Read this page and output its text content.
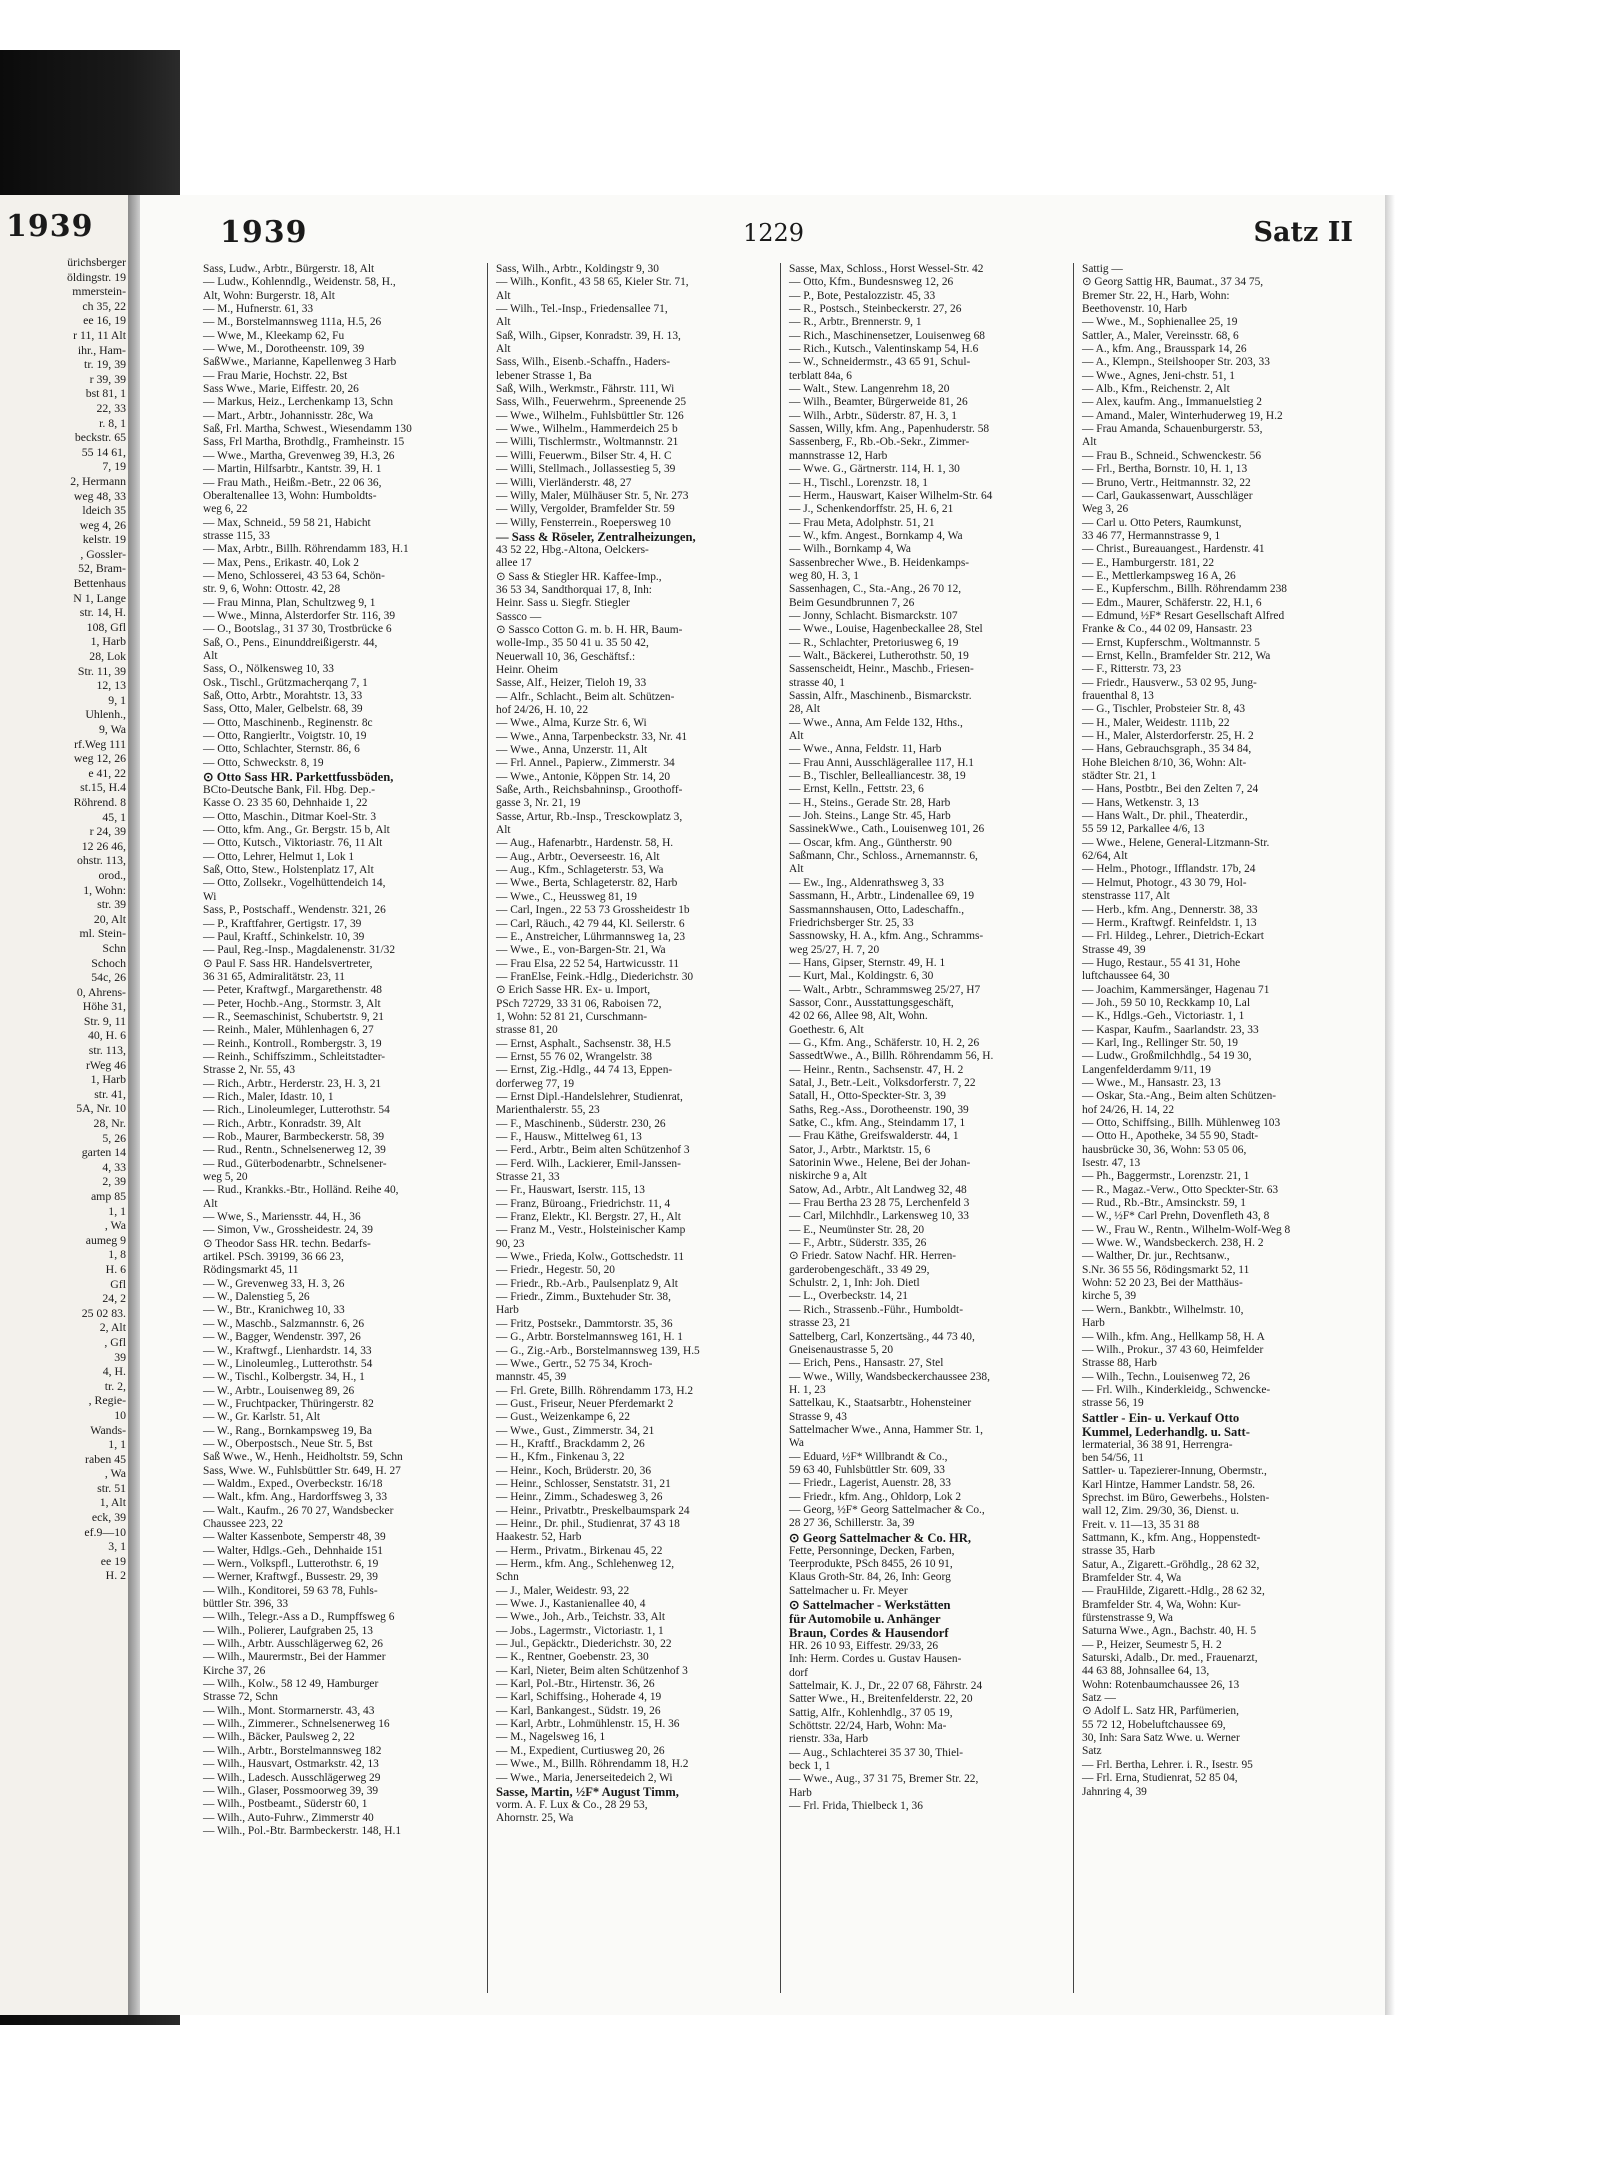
1939
ürichsberger
öldingstr. 19
mmerstein-
ch 35, 22
ee 16, 19
r 11, 11 Alt
ihr., Ham-
tr. 19, 39
r 39, 39
bst 81, 1
22, 33
r. 8, 1
beckstr. 65
55 14 61,
7, 19
2, Hermann
weg 48, 33
ldeich 35
weg 4, 26
kelstr. 19
, Gossler-
52, Bram-
Bettenhaus
N 1, Lange
str. 14, H.
108, Gfl
1, Harb
28, Lok
Str. 11, 39
12, 13
9, 1
Uhlenh.,
9, Wa
rf.Weg 111
weg 12, 26
e 41, 22
st.15, H.4
Röhrend. 8
45, 1
r 24, 39
12 26 46,
ohstr. 113,
orod.,
1, Wohn:
str. 39
20, Alt
ml. Stein-
Schn
Schoch
54c, 26
0, Ahrens-
Höhe 31,
Str. 9, 11
40, H. 6
str. 113,
rWeg 46
1, Harb
str. 41,
5A, Nr. 10
28, Nr.
5, 26
garten 14
4, 33
2, 39
amp 85
1, 1
, Wa
aumeg 9
1, 8
H. 6
Gfl
24, 2
25 02 83.
2, Alt
, Gfl
39
4, H.
tr. 2,
, Regie-
10
Wands-
1, 1
raben 45
, Wa
str. 51
1, Alt
eck, 39
ef.9—10
3, 1
ee 19
H. 2
1939	1229	Satz II
Sass, Ludw., Arbtr., Bürgerstr. 18, Alt
— Ludw., Kohlenndlg., Weidenstr. 58, H.,
Alt, Wohn: Burgerstr. 18, Alt
— M., Hufnerstr. 61, 33
— M., Borstelmannsweg 111a, H.5, 26
— Wwe, M., Kleekamp 62, Fu
— Wwe, M., Dorotheenstr. 109, 39
SaßWwe., Marianne, Kapellenweg 3 Harb
— Frau Marie, Hochstr. 22, Bst
Sass Wwe., Marie, Eiffestr. 20, 26
— Markus, Heiz., Lerchenkamp 13, Schn
— Mart., Arbtr., Johannisstr. 28c, Wa
Saß, Frl. Martha, Schwest., Wiesendamm 130
Sass, Frl Martha, Brothdlg., Framheinstr. 15
— Wwe., Martha, Grevenweg 39, H.3, 26
— Martin, Hilfsarbtr., Kantstr. 39, H. 1
— Frau Math., Heißm.-Betr., 22 06 36,
Oberaltenallee 13, Wohn: Humboldts-
weg 6, 22
— Max, Schneid., 59 58 21, Habicht
strasse 115, 33
— Max, Arbtr., Billh. Röhrendamm 183, H.1
— Max, Pens., Erikastr. 40, Lok 2
— Meno, Schlosserei, 43 53 64, Schön-
str. 9, 6, Wohn: Ottostr. 42, 28
— Frau Minna, Plan, Schultzweg 9, 1
— Wwe., Minna, Alsterdorfer Str. 116, 39
— O., Bootslag., 31 37 30, Trostbrücke 6
Saß, O., Pens., Einunddreißigerstr. 44,
Alt
Sass, O., Nölkensweg 10, 33
Osk., Tischl., Grützmacherqang 7, 1
Saß, Otto, Arbtr., Morahtstr. 13, 33
Sass, Otto, Maler, Gelbelstr. 68, 39
— Otto, Maschinenb., Reginenstr. 8c
— Otto, Rangierltr., Voigtstr. 10, 19
— Otto, Schlachter, Sternstr. 86, 6
— Otto, Schweckstr. 8, 19
⊙ Otto Sass HR. Parkettfussböden,
BCto-Deutsche Bank, Fil. Hbg. Dep.-
Kasse O. 23 35 60, Dehnhaide 1, 22
— Otto, Maschin., Ditmar Koel-Str. 3
— Otto, kfm. Ang., Gr. Bergstr. 15 b, Alt
— Otto, Kutsch., Viktoriastr. 76, 11 Alt
— Otto, Lehrer, Helmut 1, Lok 1
Saß, Otto, Stew., Holstenplatz 17, Alt
— Otto, Zollsekr., Vogelhüttendeich 14,
Wi
Sass, P., Postschaff., Wendenstr. 321, 26
— P., Kraftfahrer, Gertigstr. 17, 39
— Paul, Kraftf., Schinkelstr. 10, 39
— Paul, Reg.-Insp., Magdalenenstr. 31/32
⊙ Paul F. Sass HR. Handelsvertreter,
36 31 65, Admiralitätstr. 23, 11
— Peter, Kraftwgf., Margarethenstr. 48
— Peter, Hochb.-Ang., Stormstr. 3, Alt
— R., Seemaschinist, Schubertstr. 9, 21
— Reinh., Maler, Mühlenhagen 6, 27
— Reinh., Kontroll., Rombergstr. 3, 19
— Reinh., Schiffszimm., Schleitstadter-
Strasse 2, Nr. 55, 43
— Rich., Arbtr., Herderstr. 23, H. 3, 21
— Rich., Maler, Idastr. 10, 1
— Rich., Linoleumleger, Lutterothstr. 54
— Rich., Arbtr., Konradstr. 39, Alt
— Rob., Maurer, Barmbeckerstr. 58, 39
— Rud., Rentn., Schnelsenerweg 12, 39
— Rud., Güterbodenarbtr., Schnelsener-
weg 5, 20
— Rud., Krankks.-Btr., Holländ. Reihe 40,
Alt
— Wwe, S., Mariensstr. 44, H., 36
— Simon, Vw., Grossheidestr. 24, 39
⊙ Theodor Sass HR. techn. Bedarfs-
artikel. PSch. 39199, 36 66 23,
Rödingsmarkt 45, 11
— W., Grevenweg 33, H. 3, 26
— W., Dalenstieg 5, 26
— W., Btr., Kranichweg 10, 33
— W., Maschb., Salzmannstr. 6, 26
— W., Bagger, Wendenstr. 397, 26
— W., Kraftwgf., Lienhardstr. 14, 33
— W., Linoleumleg., Lutterothstr. 54
— W., Tischl., Kolbergstr. 34, H., 1
— W., Arbtr., Louisenweg 89, 26
— W., Fruchtpacker, Thüringerstr. 82
— W., Gr. Karlstr. 51, Alt
— W., Rang., Bornkampsweg 19, Ba
— W., Oberpostsch., Neue Str. 5, Bst
Saß Wwe., W., Henh., Heidholtstr. 59, Schn
Sass, Wwe. W., Fuhlsbüttler Str. 649, H. 27
— Waldm., Exped., Overbeckstr. 16/18
— Walt., kfm. Ang., Hardorffsweg 3, 33
— Walt., Kaufm., 26 70 27, Wandsbecker
Chaussee 223, 22
— Walter Kassenbote, Semperstr 48, 39
— Walter, Hdlgs.-Geh., Dehnhaide 151
— Wern., Volkspfl., Lutterothstr. 6, 19
— Werner, Kraftwgf., Bussestr. 29, 39
— Wilh., Konditorei, 59 63 78, Fuhls-
büttler Str. 396, 33
— Wilh., Telegr.-Ass a D., Rumpffsweg 6
— Wilh., Polierer, Laufgraben 25, 13
— Wilh., Arbtr. Ausschlägerweg 62, 26
— Wilh., Maurermstr., Bei der Hammer
Kirche 37, 26
— Wilh., Kolw., 58 12 49, Hamburger
Strasse 72, Schn
— Wilh., Mont. Stormarnerstr. 43, 43
— Wilh., Zimmerer., Schnelsenerweg 16
— Wilh., Bäcker, Paulsweg 2, 22
— Wilh., Arbtr., Borstelmannsweg 182
— Wilh., Hausvart, Ostmarkstr. 42, 13
— Wilh., Ladesch. Ausschlägerweg 29
— Wilh., Glaser, Possmoorweg 39, 39
— Wilh., Postbeamt., Süderstr 60, 1
— Wilh., Auto-Fuhrw., Zimmerstr 40
— Wilh., Pol.-Btr. Barmbeckerstr. 148, H.1
Sass, Wilh., Arbtr., Koldingstr 9, 30
— Wilh., Konfit., 43 58 65, Kieler Str. 71,
Alt
— Wilh., Tel.-Insp., Friedensallee 71,
Alt
Saß, Wilh., Gipser, Konradstr. 39, H. 13,
Alt
Sass, Wilh., Eisenb.-Schaffn., Haders-
lebener Strasse 1, Ba
Saß, Wilh., Werkmstr., Fährstr. 111, Wi
Sass, Wilh., Feuerwehrm., Spreenende 25
— Wwe., Wilhelm., Fuhlsbüttler Str. 126
— Wwe., Wilhelm., Hammerdeich 25 b
— Willi, Tischlermstr., Woltmannstr. 21
— Willi, Feuerwm., Bilser Str. 4, H. C
— Willi, Stellmach., Jollassestieg 5, 39
— Willi, Vierländerstr. 48, 27
— Willy, Maler, Mülhäuser Str. 5, Nr. 273
— Willy, Vergolder, Bramfelder Str. 59
— Willy, Fensterrein., Roepersweg 10
— Sass & Röseler, Zentralheizungen,
43 52 22, Hbg.-Altona, Oelckers-
allee 17
⊙ Sass & Stiegler HR. Kaffee-Imp.,
36 53 34, Sandthorquai 17, 8, Inh:
Heinr. Sass u. Siegfr. Stiegler
Sassco —
⊙ Sassco Cotton G. m. b. H. HR, Baum-
wolle-Imp., 35 50 41 u. 35 50 42,
Neuerwall 10, 36, Geschäftsf.:
Heinr. Oheim
Sasse, Alf., Heizer, Tieloh 19, 33
— Alfr., Schlacht., Beim alt. Schützen-
hof 24/26, H. 10, 22
— Wwe., Alma, Kurze Str. 6, Wi
— Wwe., Anna, Tarpenbeckstr. 33, Nr. 41
— Wwe., Anna, Unzerstr. 11, Alt
— Frl. Annel., Papierw., Zimmerstr. 34
— Wwe., Antonie, Köppen Str. 14, 20
Saße, Arth., Reichsbahninsp., Groothoff-
gasse 3, Nr. 21, 19
Sasse, Artur, Rb.-Insp., Tresckowplatz 3,
Alt
— Aug., Hafenarbtr., Hardenstr. 58, H.
— Aug., Arbtr., Oeverseestr. 16, Alt
— Aug., Kfm., Schlageterstr. 53, Wa
— Wwe., Berta, Schlageterstr. 82, Harb
— Wwe., C., Heussweg 81, 19
— Carl, Ingen., 22 53 73 Grossheidestr 1b
— Carl, Räuch., 42 79 44, Kl. Seilerstr. 6
— E., Anstreicher, Lührmannsweg 1a, 23
— Wwe., E., von-Bargen-Str. 21, Wa
— Frau Elsa, 22 52 54, Hartwicusstr. 11
— FranElse, Feink.-Hdlg., Diederichstr. 30
⊙ Erich Sasse HR. Ex- u. Import,
PSch 72729, 33 31 06, Raboisen 72,
1, Wohn: 52 81 21, Curschmann-
strasse 81, 20
— Ernst, Asphalt., Sachsenstr. 38, H.5
— Ernst, 55 76 02, Wrangelstr. 38
— Ernst, Zig.-Hdlg., 44 74 13, Eppen-
dorferweg 77, 19
— Ernst Dipl.-Handelslehrer, Studienrat,
Marienthalerstr. 55, 23
— F., Maschinenb., Süderstr. 230, 26
— F., Hausw., Mittelweg 61, 13
— Ferd., Arbtr., Beim alten Schützenhof 3
— Ferd. Wilh., Lackierer, Emil-Janssen-
Strasse 21, 33
— Fr., Hauswart, Iserstr. 115, 13
— Franz, Büroang., Friedrichstr. 11, 4
— Franz, Elektr., Kl. Bergstr. 27, H., Alt
— Franz M., Vestr., Holsteinischer Kamp
90, 23
— Wwe., Frieda, Kolw., Gottschedstr. 11
— Friedr., Hegestr. 50, 20
— Friedr., Rb.-Arb., Paulsenplatz 9, Alt
— Friedr., Zimm., Buxtehuder Str. 38,
Harb
— Fritz, Postsekr., Dammtorstr. 35, 36
— G., Arbtr. Borstelmannsweg 161, H. 1
— G., Zig.-Arb., Borstelmannsweg 139, H.5
— Wwe., Gertr., 52 75 34, Kroch-
mannstr. 45, 39
— Frl. Grete, Billh. Röhrendamm 173, H.2
— Gust., Friseur, Neuer Pferdemarkt 2
— Gust., Weizenkampe 6, 22
— Wwe., Gust., Zimmerstr. 34, 21
— H., Kraftf., Brackdamm 2, 26
— H., Kfm., Finkenau 3, 22
— Heinr., Koch, Brüderstr. 20, 36
— Heinr., Schlosser, Senstatstr. 31, 21
— Heinr., Zimm., Schadesweg 3, 26
— Heinr., Privatbtr., Preskelbaumspark 24
— Heinr., Dr. phil., Studienrat, 37 43 18
Haakestr. 52, Harb
— Herm., Privatm., Birkenau 45, 22
— Herm., kfm. Ang., Schlehenweg 12,
Schn
— J., Maler, Weidestr. 93, 22
— Wwe. J., Kastanienallee 40, 4
— Wwe., Joh., Arb., Teichstr. 33, Alt
— Jobs., Lagermstr., Victoriastr. 1, 1
— Jul., Gepäcktr., Diederichstr. 30, 22
— K., Rentner, Goebenstr. 23, 30
— Karl, Nieter, Beim alten Schützenhof 3
— Karl, Pol.-Btr., Hirtenstr. 36, 26
— Karl, Schiffsing., Hoherade 4, 19
— Karl, Bankangest., Südstr. 19, 26
— Karl, Arbtr., Lohmühlenstr. 15, H. 36
— M., Nagelsweg 16, 1
— M., Expedient, Curtiusweg 20, 26
— Wwe., M., Billh. Röhrendamm 18, H.2
— Wwe., Maria, Jenerseitedeich 2, Wi
Sasse, Martin, ½F* August Timm,
vorm. A. F. Lux & Co., 28 29 53,
Ahornstr. 25, Wa
Sasse, Max, Schloss., Horst Wessel-Str. 42
— Otto, Kfm., Bundesnsweg 12, 26
— P., Bote, Pestalozzistr. 45, 33
— R., Postsch., Steinbeckerstr. 27, 26
— R., Arbtr., Brennerstr. 9, 1
— Rich., Maschinensetzer, Louisenweg 68
— Rich., Kutsch., Valentinskamp 54, H.6
— W., Schneidermstr., 43 65 91, Schul-
terblatt 84a, 6
— Walt., Stew. Langenrehm 18, 20
— Wilh., Beamter, Bürgerweide 81, 26
— Wilh., Arbtr., Süderstr. 87, H. 3, 1
Sassen, Willy, kfm. Ang., Papenhuderstr. 58
Sassenberg, F., Rb.-Ob.-Sekr., Zimmer-
mannstrasse 12, Harb
— Wwe. G., Gärtnerstr. 114, H. 1, 30
— H., Tischl., Lorenzstr. 18, 1
— Herm., Hauswart, Kaiser Wilhelm-Str. 64
— J., Schenkendorffstr. 25, H. 6, 21
— Frau Meta, Adolphstr. 51, 21
— W., kfm. Angest., Bornkamp 4, Wa
— Wilh., Bornkamp 4, Wa
Sassenbrecher Wwe., B. Heidenkamps-
weg 80, H. 3, 1
Sassenhagen, C., Sta.-Ang., 26 70 12,
Beim Gesundbrunnen 7, 26
— Jonny, Schlacht. Bismarckstr. 107
— Wwe., Louise, Hagenbeckallee 28, Stel
— R., Schlachter, Pretoriusweg 6, 19
— Walt., Bäckerei, Lutherothstr. 50, 19
Sassenscheidt, Heinr., Maschb., Friesen-
strasse 40, 1
Sassin, Alfr., Maschinenb., Bismarckstr.
28, Alt
— Wwe., Anna, Am Felde 132, Hths.,
Alt
— Wwe., Anna, Feldstr. 11, Harb
— Frau Anni, Ausschlägerallee 117, H.1
— B., Tischler, Bellealliancestr. 38, 19
— Ernst, Kelln., Fettstr. 23, 6
— H., Steins., Gerade Str. 28, Harb
— Joh. Steins., Lange Str. 45, Harb
SassinekWwe., Cath., Louisenweg 101, 26
— Oscar, kfm. Ang., Güntherstr. 90
Saßmann, Chr., Schloss., Arnemannstr. 6,
Alt
— Ew., Ing., Aldenrathsweg 3, 33
Sassmann, H., Arbtr., Lindenallee 69, 19
Sassmannshausen, Otto, Ladeschaffn.,
Friedrichsberger Str. 25, 33
Sassnowsky, H. A., kfm. Ang., Schramms-
weg 25/27, H. 7, 20
— Hans, Gipser, Sternstr. 49, H. 1
— Kurt, Mal., Koldingstr. 6, 30
— Walt., Arbtr., Schrammsweg 25/27, H7
Sassor, Conr., Ausstattungsgeschäft,
42 02 66, Allee 98, Alt, Wohn.
Goethestr. 6, Alt
— G., Kfm. Ang., Schäferstr. 10, H. 2, 26
SassedtWwe., A., Billh. Röhrendamm 56, H.
— Heinr., Rentn., Sachsenstr. 47, H. 2
Satal, J., Betr.-Leit., Volksdorferstr. 7, 22
Satall, H., Otto-Speckter-Str. 3, 39
Saths, Reg.-Ass., Dorotheenstr. 190, 39
Satke, C., kfm. Ang., Steindamm 17, 1
— Frau Käthe, Greifswalderstr. 44, 1
Sator, J., Arbtr., Marktstr. 15, 6
Satorinin Wwe., Helene, Bei der Johan-
niskirche 9 a, Alt
Satow, Ad., Arbtr., Alt Landweg 32, 48
— Frau Bertha 23 28 75, Lerchenfeld 3
— Carl, Milchhdlr., Larkensweg 10, 33
— E., Neumünster Str. 28, 20
— F., Arbtr., Süderstr. 335, 26
⊙ Friedr. Satow Nachf. HR. Herren-
garderobengeschäft., 33 49 29,
Schulstr. 2, 1, Inh: Joh. Dietl
— L., Overbeckstr. 14, 21
— Rich., Strassenb.-Führ., Humboldt-
strasse 23, 21
Sattelberg, Carl, Konzertsäng., 44 73 40,
Gneisenaustrasse 5, 20
— Erich, Pens., Hansastr. 27, Stel
— Wwe., Willy, Wandsbeckerchaussee 238,
H. 1, 23
Sattelkau, K., Staatsarbtr., Hohensteiner
Strasse 9, 43
Sattelmacher Wwe., Anna, Hammer Str. 1,
Wa
— Eduard, ½F* Willbrandt & Co.,
59 63 40, Fuhlsbüttler Str. 609, 33
— Friedr., Lagerist, Auenstr. 28, 33
— Friedr., kfm. Ang., Ohldorp, Lok 2
— Georg, ½F* Georg Sattelmacher & Co.,
28 27 36, Schillerstr. 3a, 39
⊙ Georg Sattelmacher & Co. HR,
Fette, Personninge, Decken, Farben,
Teerprodukte, PSch 8455, 26 10 91,
Klaus Groth-Str. 84, 26, Inh: Georg
Sattelmacher u. Fr. Meyer
⊙ Sattelmacher - Werkstätten
für Automobile u. Anhänger
Braun, Cordes & Hausendorf
HR. 26 10 93, Eiffestr. 29/33, 26
Inh: Herm. Cordes u. Gustav Hausen-
dorf
Sattelmair, K. J., Dr., 22 07 68, Fährstr. 24
Satter Wwe., H., Breitenfelderstr. 22, 20
Sattig, Alfr., Kohlenhdlg., 37 05 19,
Schöttstr. 22/24, Harb, Wohn: Ma-
rienstr. 33a, Harb
— Aug., Schlachterei 35 37 30, Thiel-
beck 1, 1
— Wwe., Aug., 37 31 75, Bremer Str. 22,
Harb
— Frl. Frida, Thielbeck 1, 36
Sattig —
⊙ Georg Sattig HR, Baumat., 37 34 75,
Bremer Str. 22, H., Harb, Wohn:
Beethovenstr. 10, Harb
— Wwe., M., Sophienallee 25, 19
Sattler, A., Maler, Vereinsstr. 68, 6
— A., kfm. Ang., Brausspark 14, 26
— A., Klempn., Steilshooper Str. 203, 33
— Wwe., Agnes, Jeni-chstr. 51, 1
— Alb., Kfm., Reichenstr. 2, Alt
— Alex, kaufm. Ang., Immanuelstieg 2
— Amand., Maler, Winterhuderweg 19, H.2
— Frau Amanda, Schauenburgerstr. 53,
Alt
— Frau B., Schneid., Schwenckestr. 56
— Frl., Bertha, Bornstr. 10, H. 1, 13
— Bruno, Vertr., Heitmannstr. 32, 22
— Carl, Gaukassenwart, Ausschläger
Weg 3, 26
— Carl u. Otto Peters, Raumkunst,
33 46 77, Hermannstrasse 9, 1
— Christ., Bureauangest., Hardenstr. 41
— E., Hamburgerstr. 181, 22
— E., Mettlerkampsweg 16 A, 26
— E., Kupferschm., Billh. Röhrendamm 238
— Edm., Maurer, Schäferstr. 22, H.1, 6
— Edmund, ½F* Resart Gesellschaft Alfred
Franke & Co., 44 02 09, Hansastr. 23
— Ernst, Kupferschm., Woltmannstr. 5
— Ernst, Kelln., Bramfelder Str. 212, Wa
— F., Ritterstr. 73, 23
— Friedr., Hausverw., 53 02 95, Jung-
frauenthal 8, 13
— G., Tischler, Probsteier Str. 8, 43
— H., Maler, Weidestr. 111b, 22
— H., Maler, Alsterdorferstr. 25, H. 2
— Hans, Gebrauchsgraph., 35 34 84,
Hohe Bleichen 8/10, 36, Wohn: Alt-
städter Str. 21, 1
— Hans, Postbtr., Bei den Zelten 7, 24
— Hans, Wetkenstr. 3, 13
— Hans Walt., Dr. phil., Theaterdir.,
55 59 12, Parkallee 4/6, 13
— Wwe., Helene, General-Litzmann-Str.
62/64, Alt
— Helm., Photogr., Ifflandstr. 17b, 24
— Helmut, Photogr., 43 30 79, Hol-
stenstrasse 117, Alt
— Herb., kfm. Ang., Dennerstr. 38, 33
— Herm., Kraftwgf. Reinfeldstr. 1, 13
— Frl. Hildeg., Lehrer., Dietrich-Eckart
Strasse 49, 39
— Hugo, Restaur., 55 41 31, Hohe
luftchaussee 64, 30
— Joachim, Kammersänger, Hagenau 71
— Joh., 59 50 10, Reckkamp 10, Lal
— K., Hdlgs.-Geh., Victoriastr. 1, 1
— Kaspar, Kaufm., Saarlandstr. 23, 33
— Karl, Ing., Rellinger Str. 50, 19
— Ludw., Großmilchhdlg., 54 19 30,
Langenfelderdamm 9/11, 19
— Wwe., M., Hansastr. 23, 13
— Oskar, Sta.-Ang., Beim alten Schützen-
hof 24/26, H. 14, 22
— Otto, Schiffsing., Billh. Mühlenweg 103
— Otto H., Apotheke, 34 55 90, Stadt-
hausbrücke 30, 36, Wohn: 53 05 06,
Isestr. 47, 13
— Ph., Baggermstr., Lorenzstr. 21, 1
— R., Magaz.-Verw., Otto Speckter-Str. 63
— Rud., Rb.-Btr., Amsinckstr. 59, 1
— W., ½F* Carl Prehn, Dovenfleth 43, 8
— W., Frau W., Rentn., Wilhelm-Wolf-Weg 8
— Wwe. W., Wandsbeckerch. 238, H. 2
— Walther, Dr. jur., Rechtsanw.,
S.Nr. 36 55 56, Rödingsmarkt 52, 11
Wohn: 52 20 23, Bei der Matthäus-
kirche 5, 39
— Wern., Bankbtr., Wilhelmstr. 10,
Harb
— Wilh., kfm. Ang., Hellkamp 58, H. A
— Wilh., Prokur., 37 43 60, Heimfelder
Strasse 88, Harb
— Wilh., Techn., Louisenweg 72, 26
— Frl. Wilh., Kinderkleidg., Schwencke-
strasse 56, 19
Sattler - Ein- u. Verkauf Otto
Kummel, Lederhandlg. u. Satt-
lermaterial, 36 38 91, Herrengra-
ben 54/56, 11
Sattler- u. Tapezierer-Innung, Obermstr.,
Karl Hintze, Hammer Landstr. 58, 26.
Sprechst. im Büro, Gewerbehs., Holsten-
wall 12, Zim. 29/30, 36, Dienst. u.
Freit. v. 11—13, 35 31 88
Sattmann, K., kfm. Ang., Hoppenstedt-
strasse 35, Harb
Satur, A., Zigarett.-Gröhdlg., 28 62 32,
Bramfelder Str. 4, Wa
— FrauHilde, Zigarett.-Hdlg., 28 62 32,
Bramfelder Str. 4, Wa, Wohn: Kur-
fürstenstrasse 9, Wa
Saturna Wwe., Agn., Bachstr. 40, H. 5
— P., Heizer, Seumestr 5, H. 2
Saturski, Adalb., Dr. med., Frauenarzt,
44 63 88, Johnsallee 64, 13,
Wohn: Rotenbaumchaussee 26, 13
Satz —
⊙ Adolf L. Satz HR, Parfümerien,
55 72 12, Hobeluftchaussee 69,
30, Inh: Sara Satz Wwe. u. Werner
Satz
— Frl. Bertha, Lehrer. i. R., Isestr. 95
— Frl. Erna, Studienrat, 52 85 04,
Jahnring 4, 39
